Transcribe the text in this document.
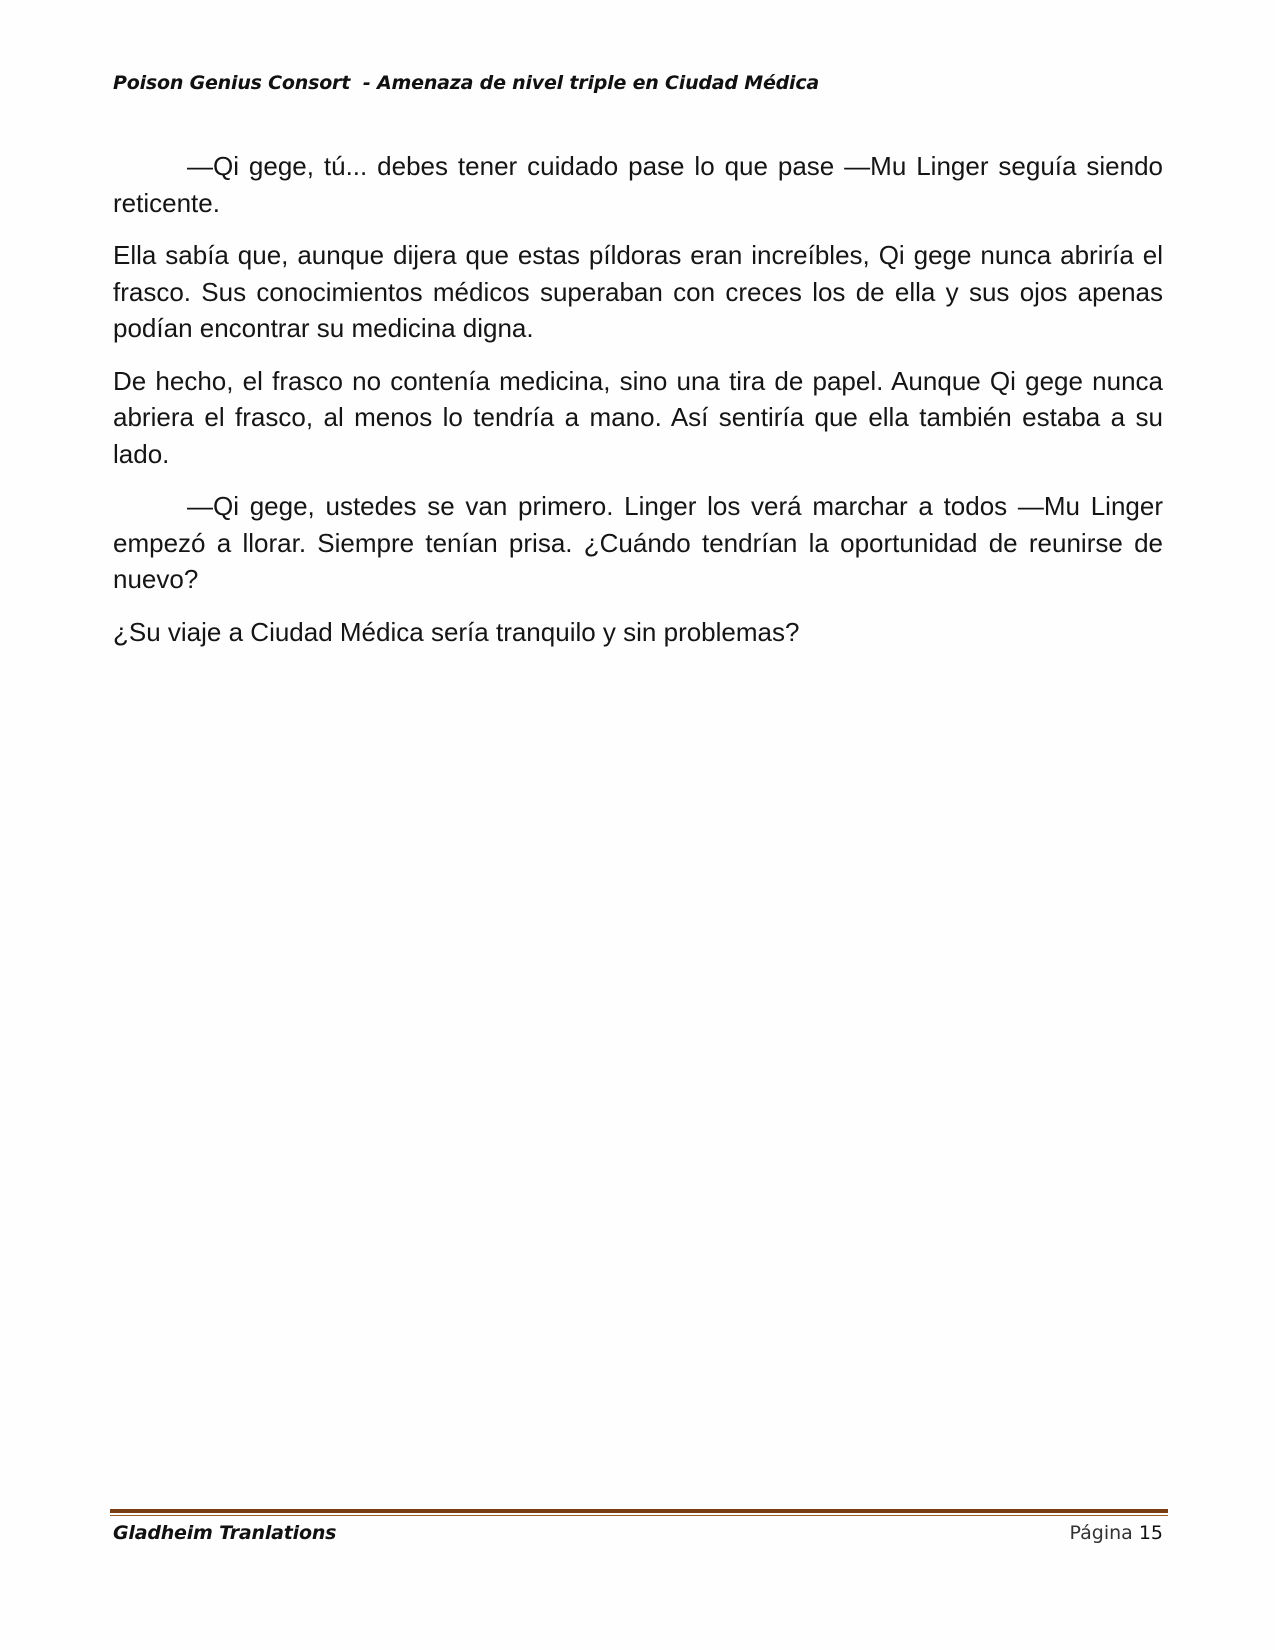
Poison Genius Consort  - Amenaza de nivel triple en Ciudad Médica

—Qi gege, tú... debes tener cuidado pase lo que pase —Mu Linger seguía siendo reticente.

Ella sabía que, aunque dijera que estas píldoras eran increíbles, Qi gege nunca abriría el frasco. Sus conocimientos médicos superaban con creces los de ella y sus ojos apenas podían encontrar su medicina digna.

De hecho, el frasco no contenía medicina, sino una tira de papel. Aunque Qi gege nunca abriera el frasco, al menos lo tendría a mano. Así sentiría que ella también estaba a su lado.

—Qi gege, ustedes se van primero. Linger los verá marchar a todos —Mu Linger empezó a llorar. Siempre tenían prisa. ¿Cuándo tendrían la oportunidad de reunirse de nuevo?

¿Su viaje a Ciudad Médica sería tranquilo y sin problemas?

Gladheim Tranlations	Página 15
